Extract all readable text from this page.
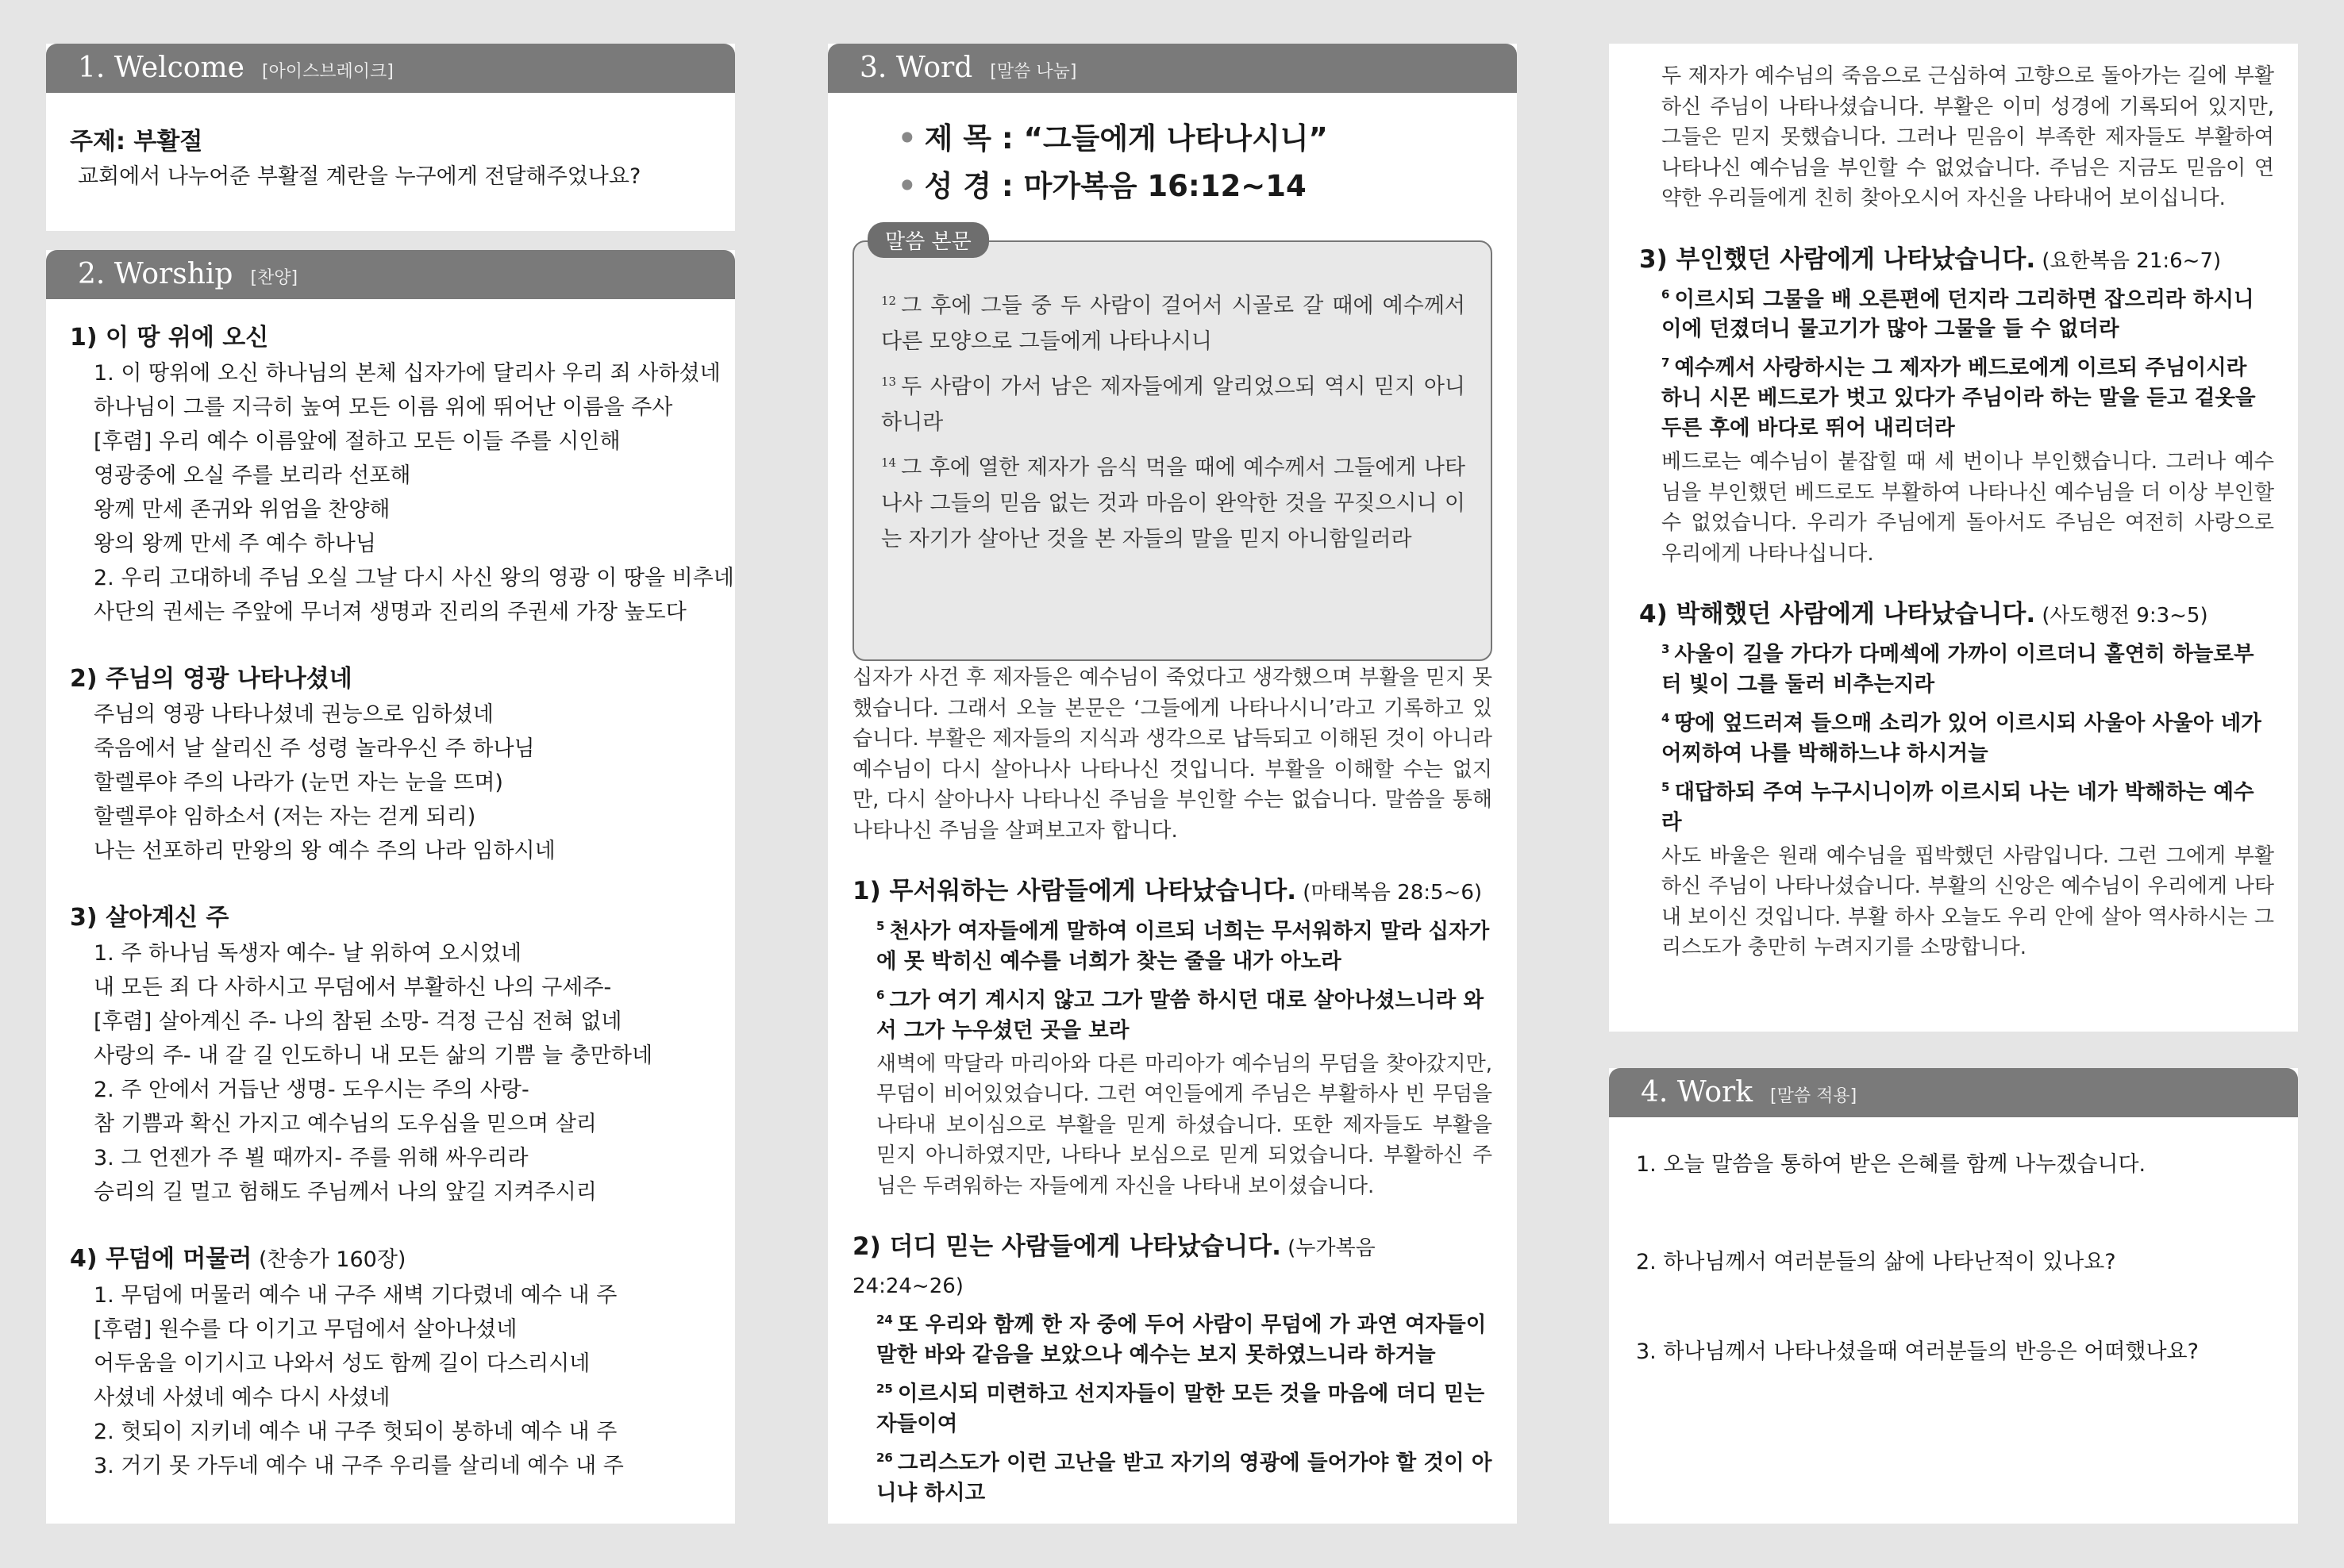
1. Welcome [아이스브레이크]
주제: 부활절
교회에서 나누어준 부활절 계란을 누구에게 전달해주었나요?
2. Worship [찬양]
1) 이 땅 위에 오신
1. 이 땅위에 오신 하나님의 본체 십자가에 달리사 우리 죄 사하셨네
하나님이 그를 지극히 높여 모든 이름 위에 뛰어난 이름을 주사
[후렴] 우리 예수 이름앞에 절하고 모든 이들 주를 시인해
영광중에 오실 주를 보리라 선포해
왕께 만세 존귀와 위엄을 찬양해
왕의 왕께 만세 주 예수 하나님
2. 우리 고대하네 주님 오실 그날 다시 사신 왕의 영광 이 땅을 비추네
사단의 권세는 주앞에 무너져 생명과 진리의 주권세 가장 높도다
2) 주님의 영광 나타나셨네
주님의 영광 나타나셨네 권능으로 임하셨네
죽음에서 날 살리신 주 성령 놀라우신 주 하나님
할렐루야 주의 나라가 (눈먼 자는 눈을 뜨며)
할렐루야 임하소서 (저는 자는 걷게 되리)
나는 선포하리 만왕의 왕 예수 주의 나라 임하시네
3) 살아계신 주
1. 주 하나님 독생자 예수- 날 위하여 오시었네
내 모든 죄 다 사하시고 무덤에서 부활하신 나의 구세주-
[후렴] 살아계신 주- 나의 참된 소망- 걱정 근심 전혀 없네
사랑의 주- 내 갈 길 인도하니 내 모든 삶의 기쁨 늘 충만하네
2. 주 안에서 거듭난 생명- 도우시는 주의 사랑-
참 기쁨과 확신 가지고 예수님의 도우심을 믿으며 살리
3. 그 언젠가 주 뵐 때까지- 주를 위해 싸우리라
승리의 길 멀고 험해도 주님께서 나의 앞길 지켜주시리
4) 무덤에 머물러 (찬송가 160장)
1. 무덤에 머물러 예수 내 구주 새벽 기다렸네 예수 내 주
[후렴] 원수를 다 이기고 무덤에서 살아나셨네
어두움을 이기시고 나와서 성도 함께 길이 다스리시네
사셨네 사셨네 예수 다시 사셨네
2. 헛되이 지키네 예수 내 구주 헛되이 봉하네 예수 내 주
3. 거기 못 가두네 예수 내 구주 우리를 살리네 예수 내 주
3. Word [말씀 나눔]
• 제 목 : “그들에게 나타나시니”
• 성 경 : 마가복음 16:12~14

$^{12}$ 그 후에 그들 중 두 사람이 걸어서 시골로 갈 때에 예수께서 다른 모양으로 그들에게 나타나시니

$^{13}$ 두 사람이 가서 남은 제자들에게 알리었으되 역시 믿지 아니하니라

$^{14}$ 그 후에 열한 제자가 음식 먹을 때에 예수께서 그들에게 나타나사 그들의 믿음 없는 것과 마음이 완악한 것을 꾸짖으시니 이는 자기가 살아난 것을 본 자들의 말을 믿지 아니함일러라

말씀 본문
십자가 사건 후 제자들은 예수님이 죽었다고 생각했으며 부활을 믿지 못했습니다. 그래서 오늘 본문은 ‘그들에게 나타나시니’라고 기록하고 있습니다. 부활은 제자들의 지식과 생각으로 납득되고 이해된 것이 아니라 예수님이 다시 살아나사 나타나신 것입니다. 부활을 이해할 수는 없지만, 다시 살아나사 나타나신 주님을 부인할 수는 없습니다. 말씀을 통해 나타나신 주님을 살펴보고자 합니다.
1) 무서워하는 사람들에게 나타났습니다. (마태복음 28:5~6)
$^5$ 천사가 여자들에게 말하여 이르되 너희는 무서워하지 말라 십자가에 못 박히신 예수를 너희가 찾는 줄을 내가 아노라
$^6$ 그가 여기 계시지 않고 그가 말씀 하시던 대로 살아나셨느니라 와서 그가 누우셨던 곳을 보라
새벽에 막달라 마리아와 다른 마리아가 예수님의 무덤을 찾아갔지만, 무덤이 비어있었습니다. 그런 여인들에게 주님은 부활하사 빈 무덤을 나타내 보이심으로 부활을 믿게 하셨습니다. 또한 제자들도 부활을 믿지 아니하였지만, 나타나 보심으로 믿게 되었습니다. 부활하신 주님은 두려워하는 자들에게 자신을 나타내 보이셨습니다.
2) 더디 믿는 사람들에게 나타났습니다. (누가복음 24:24~26)
$^{24}$ 또 우리와 함께 한 자 중에 두어 사람이 무덤에 가 과연 여자들이 말한 바와 같음을 보았으나 예수는 보지 못하였느니라 하거늘
$^{25}$ 이르시되 미련하고 선지자들이 말한 모든 것을 마음에 더디 믿는 자들이여
$^{26}$ 그리스도가 이런 고난을 받고 자기의 영광에 들어가야 할 것이 아니냐 하시고
두 제자가 예수님의 죽음으로 근심하여 고향으로 돌아가는 길에 부활하신 주님이 나타나셨습니다. 부활은 이미 성경에 기록되어 있지만, 그들은 믿지 못했습니다. 그러나 믿음이 부족한 제자들도 부활하여 나타나신 예수님을 부인할 수 없었습니다. 주님은 지금도 믿음이 연약한 우리들에게 친히 찾아오시어 자신을 나타내어 보이십니다.
3) 부인했던 사람에게 나타났습니다. (요한복음 21:6~7)
$^6$ 이르시되 그물을 배 오른편에 던지라 그리하면 잡으리라 하시니 이에 던졌더니 물고기가 많아 그물을 들 수 없더라
$^7$ 예수께서 사랑하시는 그 제자가 베드로에게 이르되 주님이시라 하니 시몬 베드로가 벗고 있다가 주님이라 하는 말을 듣고 겉옷을 두른 후에 바다로 뛰어 내리더라
베드로는 예수님이 붙잡힐 때 세 번이나 부인했습니다. 그러나 예수님을 부인했던 베드로도 부활하여 나타나신 예수님을 더 이상 부인할 수 없었습니다. 우리가 주님에게 돌아서도 주님은 여전히 사랑으로 우리에게 나타나십니다.
4) 박해했던 사람에게 나타났습니다. (사도행전 9:3~5)
$^3$ 사울이 길을 가다가 다메섹에 가까이 이르더니 홀연히 하늘로부터 빛이 그를 둘러 비추는지라
$^4$ 땅에 엎드러져 들으매 소리가 있어 이르시되 사울아 사울아 네가 어찌하여 나를 박해하느냐 하시거늘
$^5$ 대답하되 주여 누구시니이까 이르시되 나는 네가 박해하는 예수라
사도 바울은 원래 예수님을 핍박했던 사람입니다. 그런 그에게 부활하신 주님이 나타나셨습니다. 부활의 신앙은 예수님이 우리에게 나타내 보이신 것입니다. 부활 하사 오늘도 우리 안에 살아 역사하시는 그리스도가 충만히 누려지기를 소망합니다.
4. Work [말씀 적용]
1. 오늘 말씀을 통하여 받은 은혜를 함께 나누겠습니다.
2. 하나님께서 여러분들의 삶에 나타난적이 있나요?
3. 하나님께서 나타나셨을때 여러분들의 반응은 어떠했나요?
